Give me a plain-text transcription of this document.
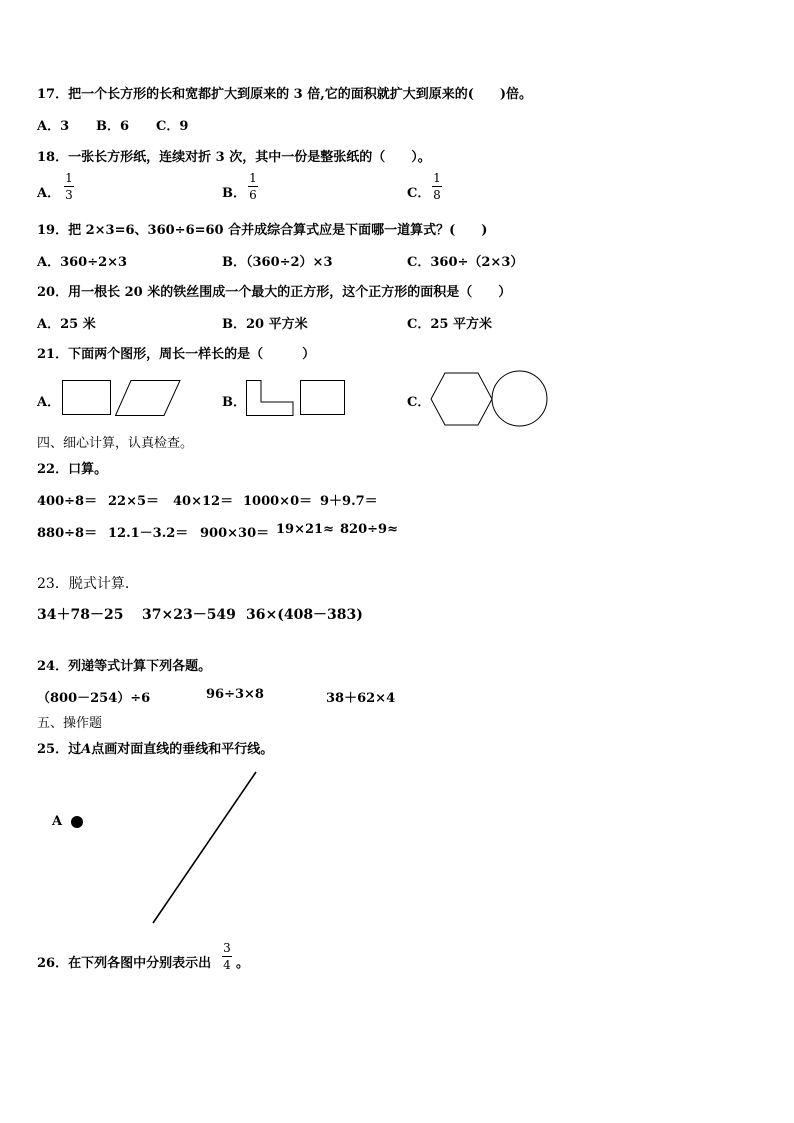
17．把一个长方形的长和宽都扩大到原来的 3 倍,它的面积就扩大到原来的(　　)倍。
A．3 B．6 C．9
18．一张长方形纸，连续对折 3 次，其中一份是整张纸的（　　）。
A．
1
3	B．
1
6	C．
1
8
19．把 2×3=6、360÷6=60 合并成综合算式应是下面哪一道算式？(　　)
A．360÷2×3	B．（360÷2）×3	C．360÷（2×3）
20．用一根长 20 米的铁丝围成一个最大的正方形，这个正方形的面积是（　　）
A．25 米	B．20 平方米	C．25 平方米
21．下面两个图形，周长一样长的是（　　　）
A．	B．	C．
四、细心计算，认真检查。
22．口算。
400÷8＝ 22×5＝ 40×12＝ 1000×0＝ 9＋9.7＝
880÷8＝ 12.1－3.2＝ 900×30＝ 19×21≈ 820÷9≈
23．脱式计算.
34＋78－25 37×23－549 36×(408－383)
24．列递等式计算下列各题。
（800－254）÷6	96÷3×8	38＋62×4
五、操作题
25．过A点画对面直线的垂线和平行线。
A
26．在下列各图中分别表示出
3
4 。
